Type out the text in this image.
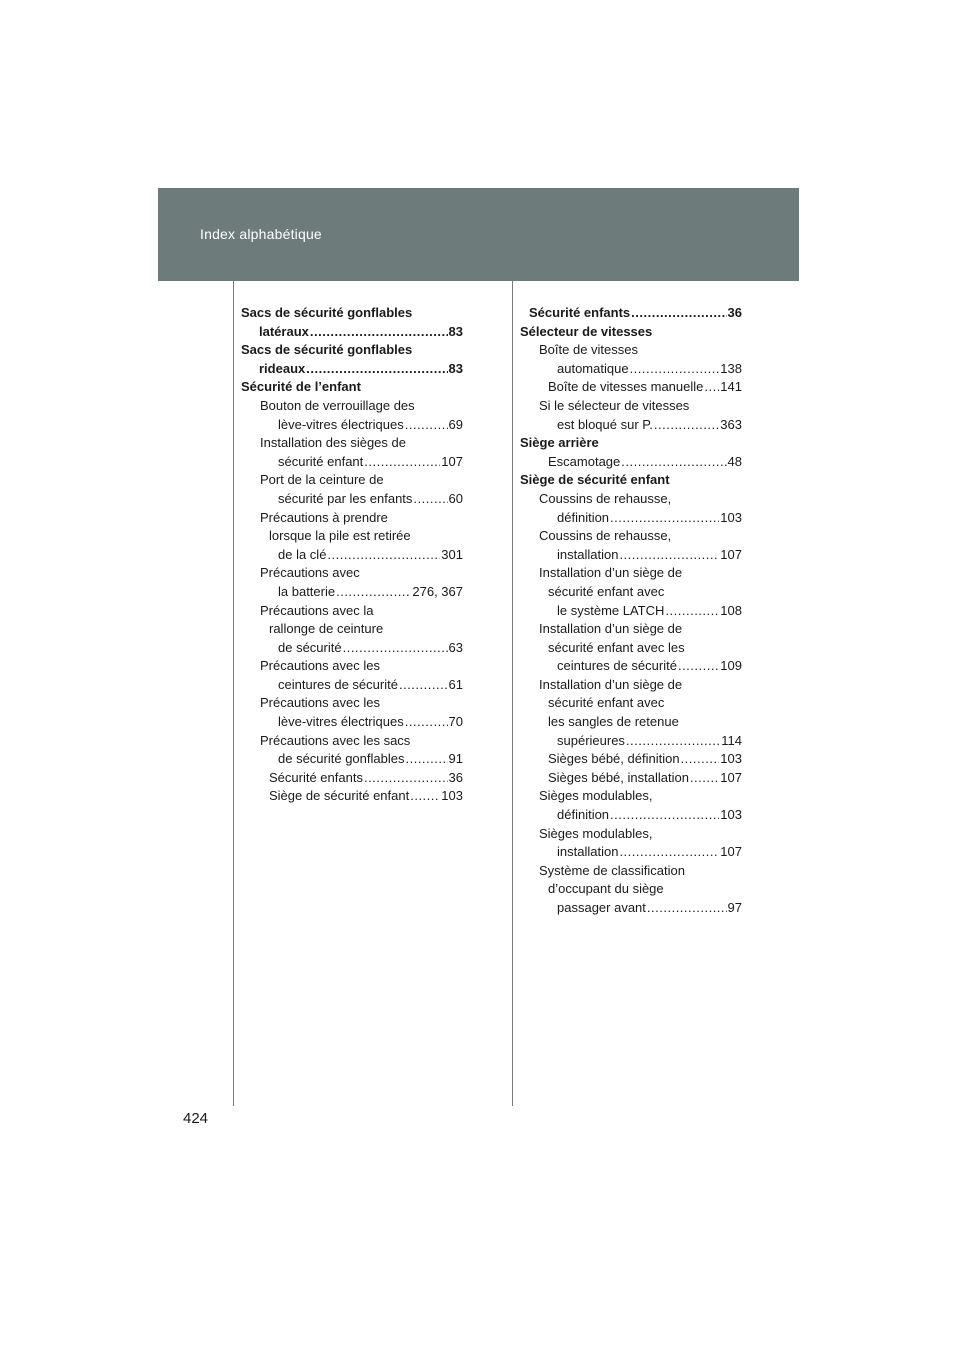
Index alphabétique
Sacs de sécurité gonflables
latéraux .....	83
Sacs de sécurité gonflables
rideaux .....	83
Sécurité de l’enfant
Bouton de verrouillage des
lève-vitres électriques .....	69
Installation des sièges de
sécurité enfant .....	107
Port de la ceinture de
sécurité par les enfants .....	60
Précautions à prendre
lorsque la pile est retirée
de la clé .....	301
Précautions avec
la batterie .....	276, 367
Précautions avec la
rallonge de ceinture
de sécurité .....	63
Précautions avec les
ceintures de sécurité .....	61
Précautions avec les
lève-vitres électriques .....	70
Précautions avec les sacs
de sécurité gonflables .....	91
Sécurité enfants .....	36
Siège de sécurité enfant ..... 103
Sécurité enfants .....	36
Sélecteur de vitesses
Boîte de vitesses
automatique .....	138
Boîte de vitesses manuelle ..... 141
Si le sélecteur de vitesses
est bloqué sur P. .....	363
Siège arrière
Escamotage .....	48
Siège de sécurité enfant
Coussins de rehausse,
définition .....	103
Coussins de rehausse,
installation .....	107
Installation d’un siège de
sécurité enfant avec
le système LATCH .....	108
Installation d’un siège de
sécurité enfant avec les
ceintures de sécurité .....	109
Installation d’un siège de
sécurité enfant avec
les sangles de retenue
supérieures .....	114
Sièges bébé, définition .....	103
Sièges bébé, installation ..... 107
Sièges modulables,
définition .....	103
Sièges modulables,
installation .....	107
Système de classification
d’occupant du siège
passager avant .....	97
424
